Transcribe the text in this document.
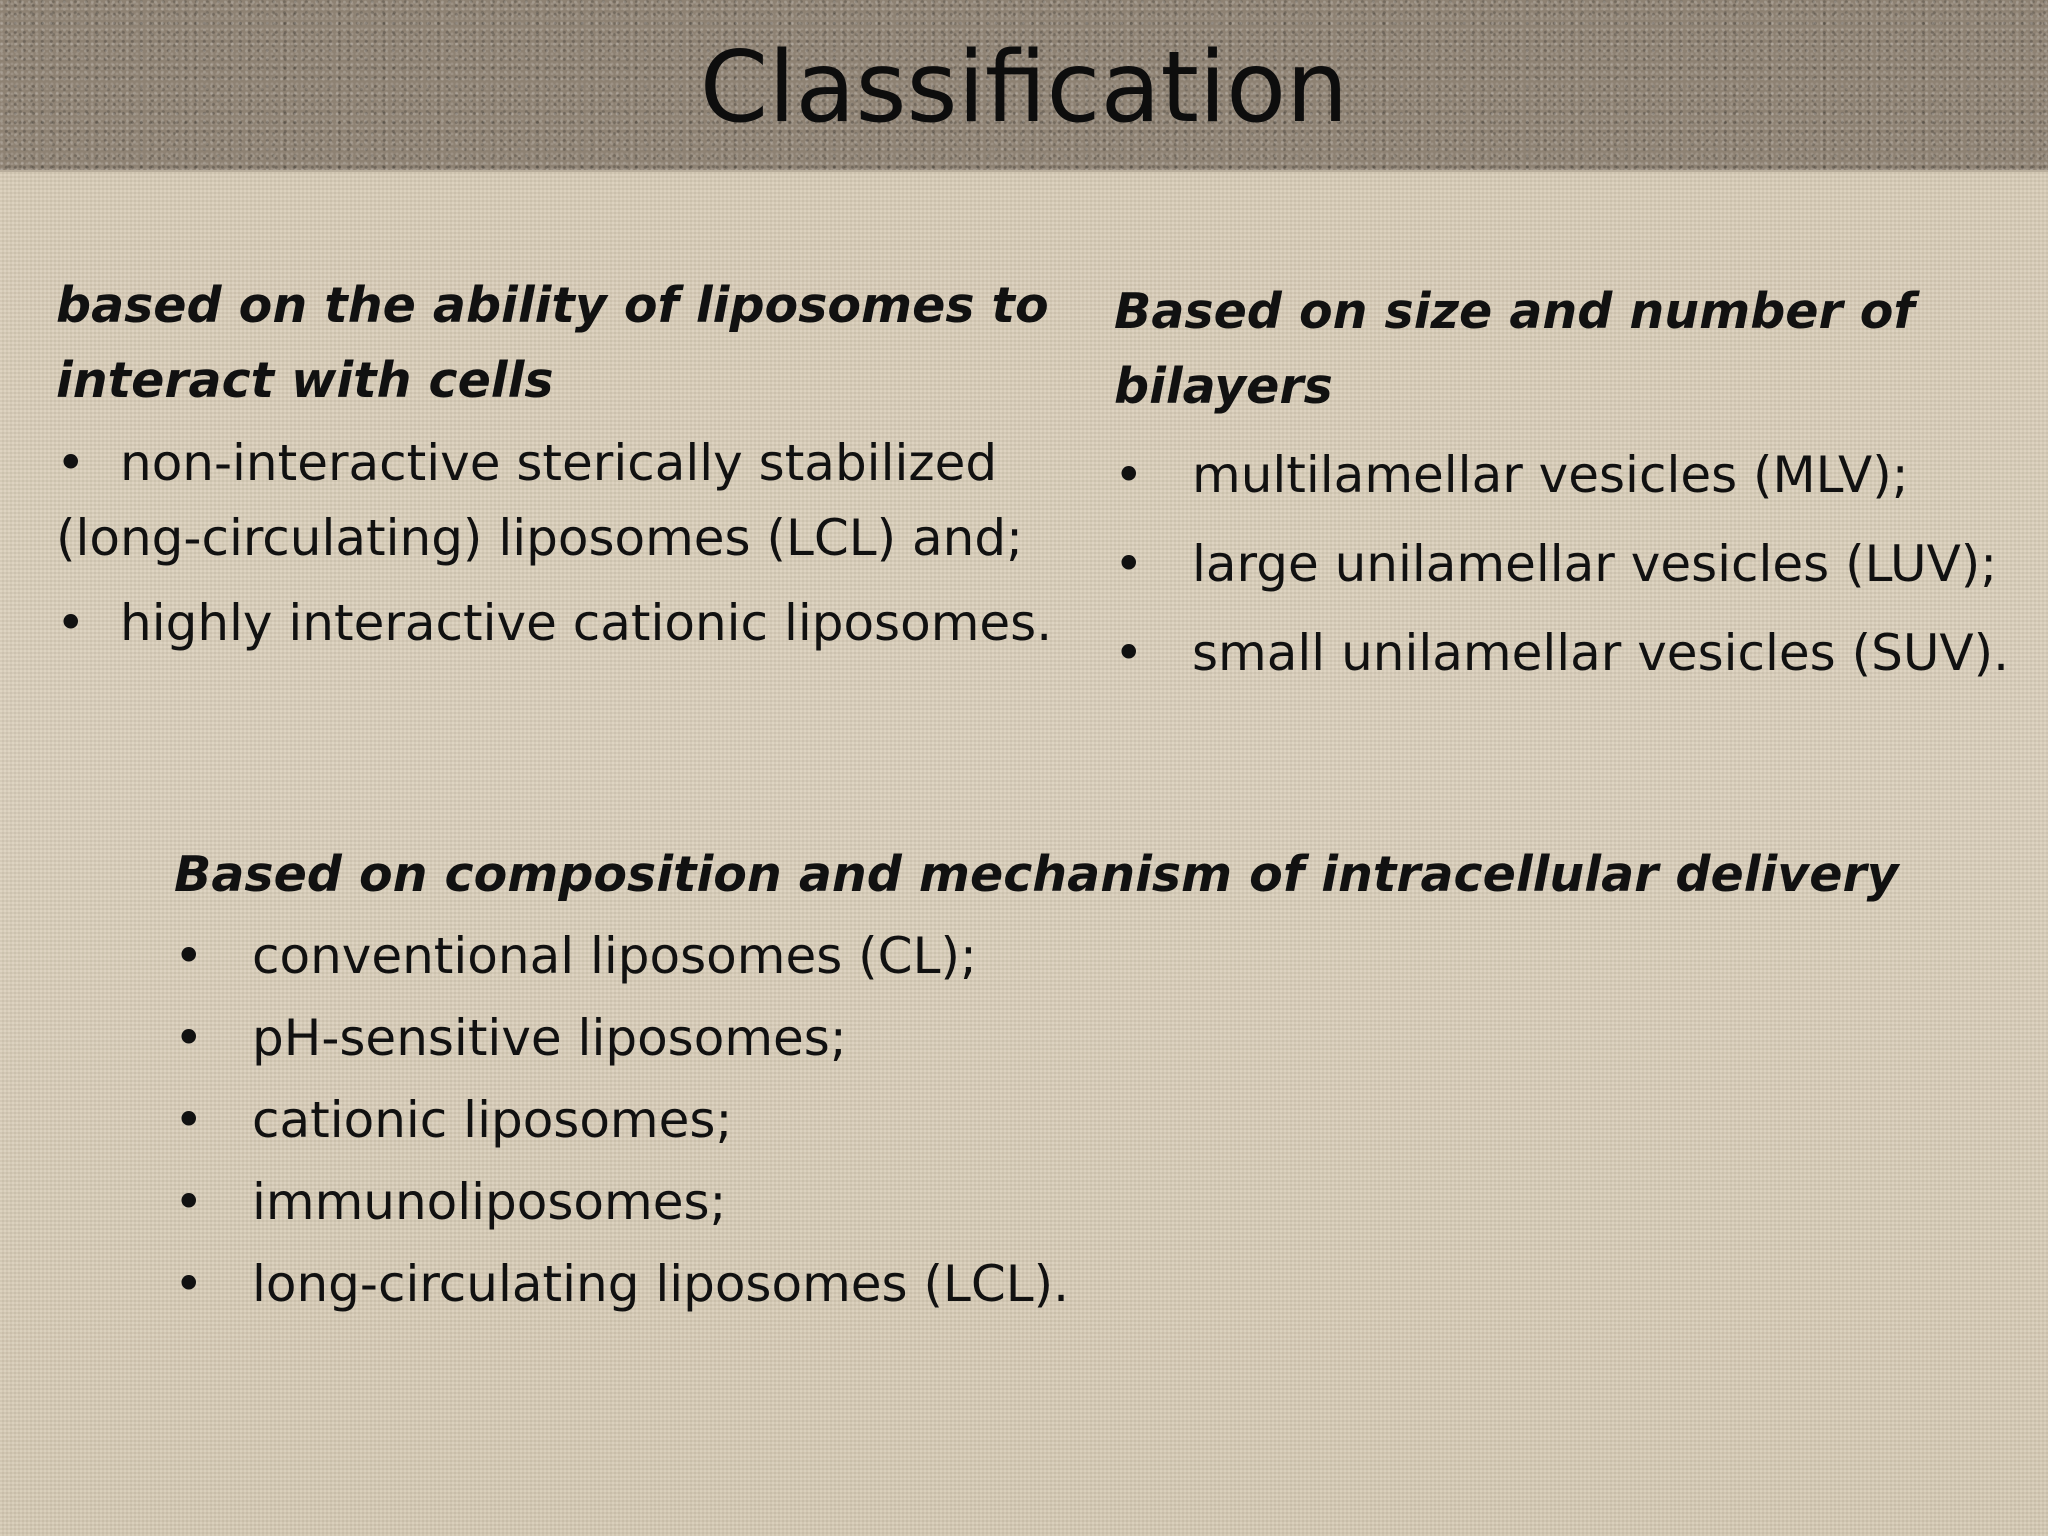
Classification

based on the ability of liposomes to interact with cells

• non-interactive sterically stabilized (long-circulating) liposomes (LCL) and;
• highly interactive cationic liposomes.

Based on size and number of bilayers

• multilamellar vesicles (MLV);
• large unilamellar vesicles (LUV);
• small unilamellar vesicles (SUV).

Based on composition and mechanism of intracellular delivery

• conventional liposomes (CL);
• pH-sensitive liposomes;
• cationic liposomes;
• immunoliposomes;
• long-circulating liposomes (LCL).
